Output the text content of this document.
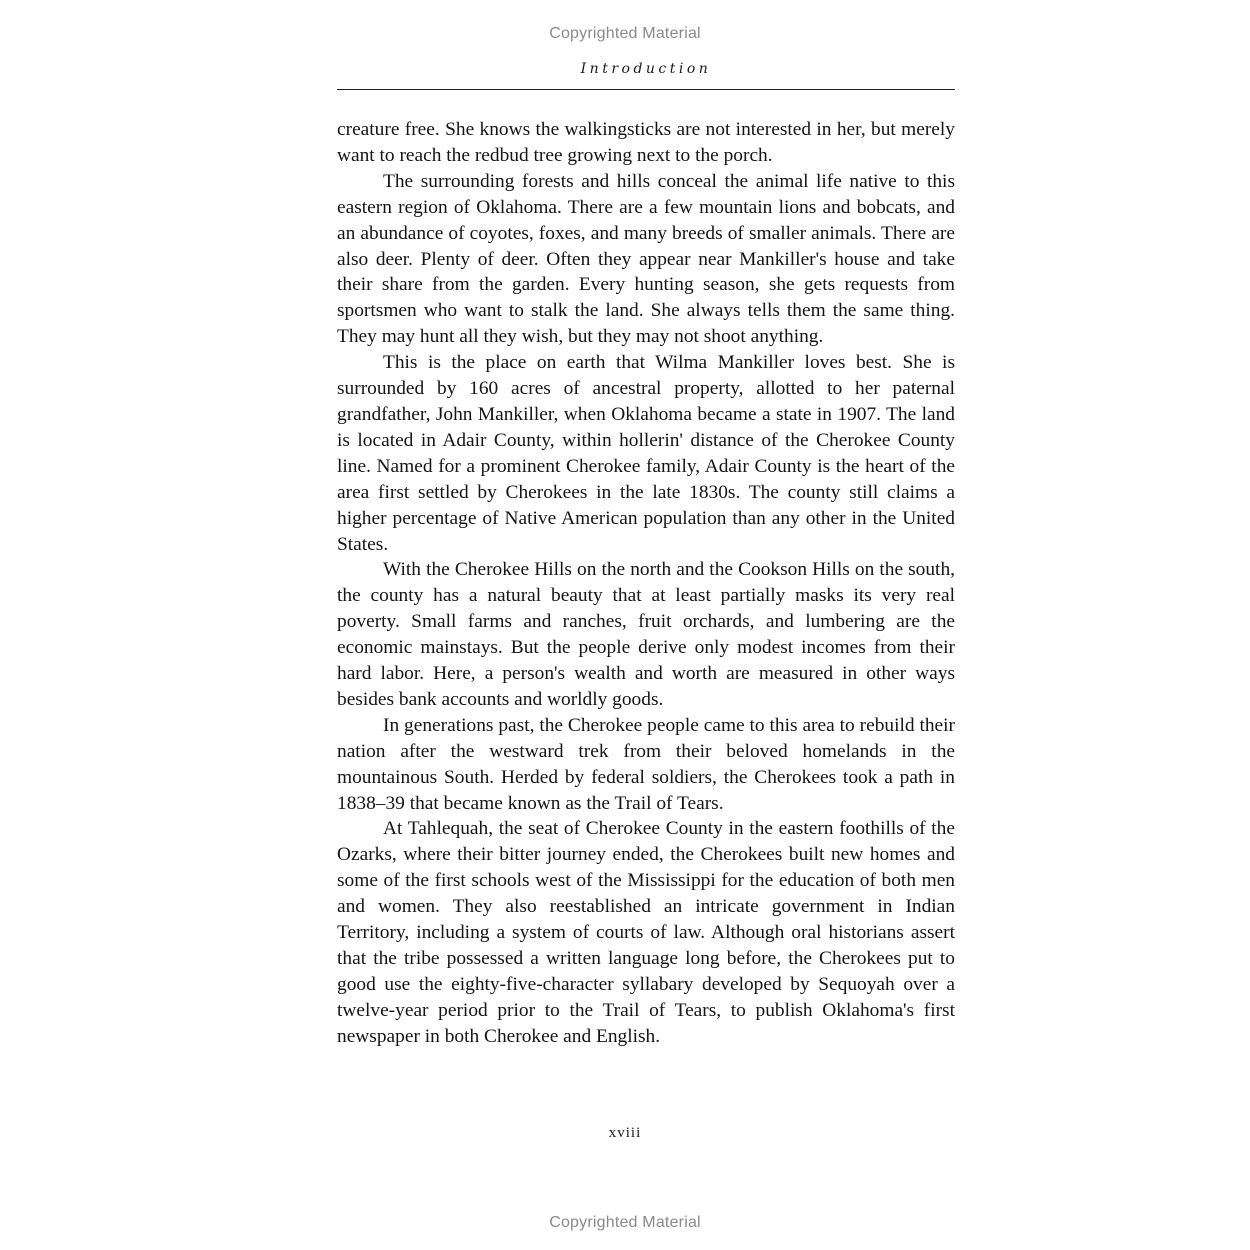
Copyrighted Material
Introduction

creature free. She knows the walkingsticks are not interested in her, but merely want to reach the redbud tree growing next to the porch.

The surrounding forests and hills conceal the animal life native to this eastern region of Oklahoma. There are a few mountain lions and bobcats, and an abundance of coyotes, foxes, and many breeds of smaller animals. There are also deer. Plenty of deer. Often they appear near Mankiller's house and take their share from the garden. Every hunting season, she gets requests from sportsmen who want to stalk the land. She always tells them the same thing. They may hunt all they wish, but they may not shoot anything.

This is the place on earth that Wilma Mankiller loves best. She is surrounded by 160 acres of ancestral property, allotted to her paternal grandfather, John Mankiller, when Oklahoma became a state in 1907. The land is located in Adair County, within hollerin' distance of the Cherokee County line. Named for a prominent Cherokee family, Adair County is the heart of the area first settled by Cherokees in the late 1830s. The county still claims a higher percentage of Native American population than any other in the United States.

With the Cherokee Hills on the north and the Cookson Hills on the south, the county has a natural beauty that at least partially masks its very real poverty. Small farms and ranches, fruit orchards, and lumbering are the economic mainstays. But the people derive only modest incomes from their hard labor. Here, a person's wealth and worth are measured in other ways besides bank accounts and worldly goods.

In generations past, the Cherokee people came to this area to rebuild their nation after the westward trek from their beloved homelands in the mountainous South. Herded by federal soldiers, the Cherokees took a path in 1838–39 that became known as the Trail of Tears.

At Tahlequah, the seat of Cherokee County in the eastern foothills of the Ozarks, where their bitter journey ended, the Cherokees built new homes and some of the first schools west of the Mississippi for the education of both men and women. They also reestablished an intricate government in Indian Territory, including a system of courts of law. Although oral historians assert that the tribe possessed a written language long before, the Cherokees put to good use the eighty-five-character syllabary developed by Sequoyah over a twelve-year period prior to the Trail of Tears, to publish Oklahoma's first newspaper in both Cherokee and English.

xviii
Copyrighted Material
